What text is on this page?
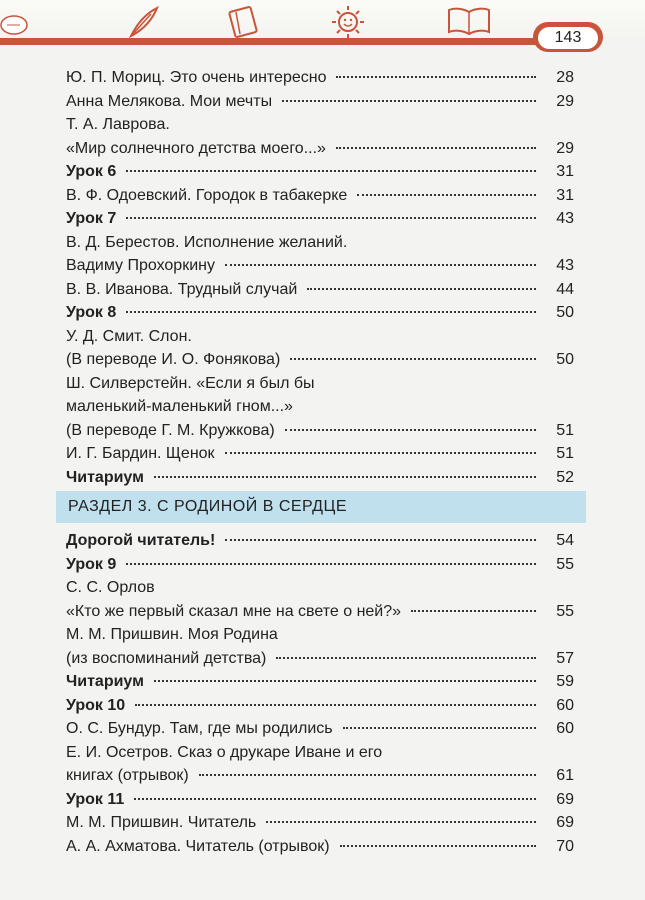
143
Ю. П. Мориц. Это очень интересно	28
Анна Мелякова. Мои мечты	29
Т. А. Лаврова.
«Мир солнечного детства моего...»	29
Урок 6	31
В. Ф. Одоевский. Городок в табакерке	31
Урок 7	43
В. Д. Берестов. Исполнение желаний.
Вадиму Прохоркину	43
В. В. Иванова. Трудный случай	44
Урок 8	50
У. Д. Смит. Слон.
(В переводе И. О. Фонякова)	50
Ш. Силверстейн. «Если я был бы
маленький-маленький гном...»
(В переводе Г. М. Кружкова)	51
И. Г. Бардин. Щенок	51
Читариум	52
РАЗДЕЛ 3. С РОДИНОЙ В СЕРДЦЕ
Дорогой читатель!	54
Урок 9	55
С. С. Орлов
«Кто же первый сказал мне на свете о ней?»	55
М. М. Пришвин. Моя Родина
(из воспоминаний детства)	57
Читариум	59
Урок 10	60
О. С. Бундур. Там, где мы родились	60
Е. И. Осетров. Сказ о друкаре Иване и его
книгах (отрывок)	61
Урок 11	69
М. М. Пришвин. Читатель	69
А. А. Ахматова. Читатель (отрывок)	70
